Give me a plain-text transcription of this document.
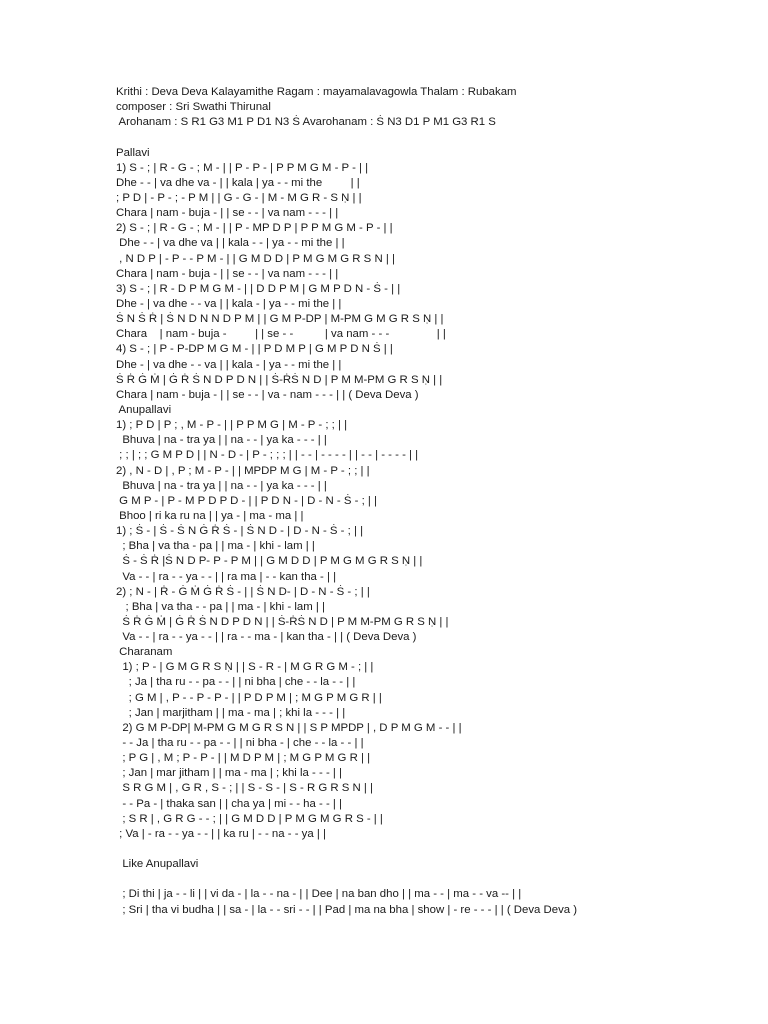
Krithi : Deva Deva Kalayamithe Ragam : mayamalavagowla Thalam : Rubakam
composer : Sri Swathi Thirunal
Arohanam : S R1 G3 M1 P D1 N3 Ṡ Avarohanam : Ṡ N3 D1 P M1 G3 R1 S
Pallavi
1) S - ; | R - G - ; M - | | P - P - | P P M G M - P - | |
Dhe - - | va dhe va - | | kala | ya - - mi the         | |
; P D | - P - ; - P M | | G - G - | M - M G R - S Ṇ | |
Chara | nam - buja - | | se - - | va nam - - - | |
2) S - ; | R - G - ; M - | | P - MP D P | P P M G M - P - | |
Dhe - - | va dhe va | | kala - - | ya - - mi the | |
, N D P | - P - - P M - | | G M D D | P M G M G R S N | |
Chara | nam - buja - | | se - - | va nam - - - | |
3) S - ; | R - D P M G M - | | D D P M | G M P D N - Ṡ - | |
Dhe - | va dhe - - va | | kala - | ya - - mi the | |
Ṡ N Ṡ Ṙ | Ṡ N D N N D P M | | G M P-DP | M-PM G M G R S Ṇ | |
Chara    | nam - buja -         | | se - -          | va nam - - -               | |
4) S - ; | P - P-DP M G M - | | P D M P | G M P D N Ṡ | |
Dhe - | va dhe - - va | | kala - | ya - - mi the | |
Ṡ Ṙ Ġ Ṁ | Ġ Ṙ Ṡ N D P D N | | Ṡ-ṘṠ N D | P M M-PM G R S Ṇ | |
Chara | nam - buja - | | se - - | va - nam - - - | | ( Deva Deva )
Anupallavi
1) ; P D | P ; , M - P - | | P P M G | M - P - ; ; | |
Bhuva | na - tra ya | | na - - | ya ka - - - | |
; ; | ; ; G M P D | | N - D - | P - ; ; ; | | - - | - - - - | | - - | - - - - | |
2) , N - D | , P ; M - P - | | MPDP M G | M - P - ; ; | |
Bhuva | na - tra ya | | na - - | ya ka - - - | |
G M P - | P - M P D P D - | | P D N - | D - N - Ṡ - ; | |
Bhoo | ri ka ru na | | ya - | ma - ma | |
1) ; Ṡ - | Ṡ - Ṡ N Ġ Ṙ Ṡ - | Ṡ N D - | D - N - Ṡ - ; | |
; Bha | va tha - pa | | ma - | khi - lam | |
Ṡ - Ṡ Ṙ |Ṡ N D P- P - P M | | G M D D | P M G M G R S Ṇ | |
Va - - | ra - - ya - - | | ra ma | - - kan tha - | |
2) ; N - | Ṙ - Ġ Ṁ Ġ Ṙ Ṡ - | | Ṡ N D- | D - N - Ṡ - ; | |
; Bha | va tha - - pa | | ma - | khi - lam | |
Ṡ Ṙ Ġ Ṁ | Ġ Ṙ Ṡ N D P D N | | Ṡ-ṘṠ N D | P M M-PM G R S Ṇ | |
Va - - | ra - - ya - - | | ra - - ma - | kan tha - | | ( Deva Deva )
Charanam
1) ; P - | G M G R S Ṇ | | S - R - | M G R G M - ; | |
; Ja | tha ru - - pa - - | | ni bha | che - - la - - | |
; G M | , P - - P - P - | | P D P M | ; M G P M G R | |
; Jan | marjitham | | ma - ma | ; khi la - - - | |
2) G M P-DP| M-PM G M G R S N | | S P MPDP | , D P M G M - - | |
- - Ja | tha ru - - pa - - | | ni bha - | che - - la - - | |
; P G | , M ; P - P - | | M D P M | ; M G P M G R | |
; Jan | mar jitham | | ma - ma | ; khi la - - - | |
S R G M | , G R , S - ; | | S - S - | S - R G R S N | |
- - Pa - | thaka san | | cha ya | mi - - ha - - | |
; S R | , G R G - - ; | | G M D D | P M G M G R S - | |
; Va | - ra - - ya - - | | ka ru | - - na - - ya | |
Like Anupallavi
; Di thi | ja - - li | | vi da - | la - - na - | | Dee | na ban dho | | ma - - | ma - - va -- | |
; Sri | tha vi budha | | sa - | la - - sri - - | | Pad | ma na bha | show | - re - - - | | ( Deva Deva )
